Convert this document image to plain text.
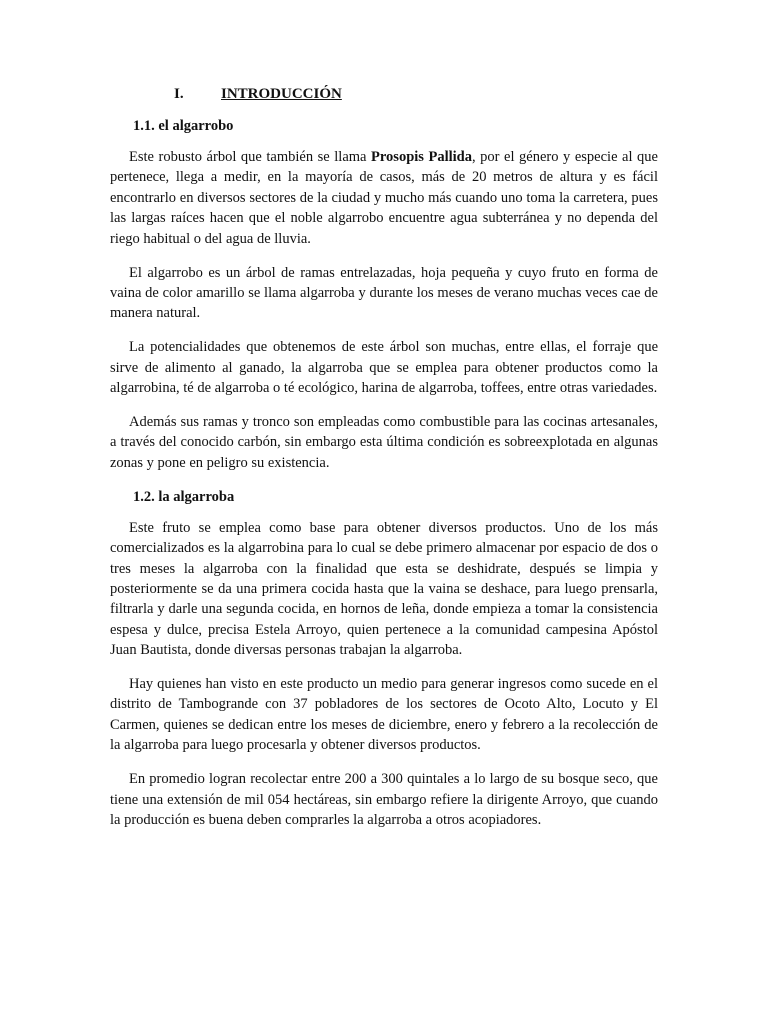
I.	INTRODUCCIÓN
1.1. el algarrobo

Este robusto árbol que también se llama Prosopis Pallida, por el género y especie al que pertenece, llega a medir, en la mayoría de casos, más de 20 metros de altura y es fácil encontrarlo en diversos sectores de la ciudad y mucho más cuando uno toma la carretera, pues las largas raíces hacen que el noble algarrobo encuentre agua subterránea y no dependa del riego habitual o del agua de lluvia.

El algarrobo es un árbol de ramas entrelazadas, hoja pequeña y cuyo fruto en forma de vaina de color amarillo se llama algarroba y durante los meses de verano muchas veces cae de manera natural.

La potencialidades que obtenemos de este árbol son muchas, entre ellas, el forraje que sirve de alimento al ganado, la algarroba que se emplea para obtener productos como la algarrobina, té de algarroba o té ecológico, harina de algarroba, toffees, entre otras variedades.

Además sus ramas y tronco son empleadas como combustible para las cocinas artesanales, a través del conocido carbón, sin embargo esta última condición es sobreexplotada en algunas zonas y pone en peligro su existencia.

1.2. la algarroba

Este fruto se emplea como base para obtener diversos productos. Uno de los más comercializados es la algarrobina para lo cual se debe primero almacenar por espacio de dos o tres meses la algarroba con la finalidad que esta se deshidrate, después se limpia y posteriormente se da una primera cocida hasta que la vaina se deshace, para luego prensarla, filtrarla y darle una segunda cocida, en hornos de leña, donde empieza a tomar la consistencia espesa y dulce, precisa Estela Arroyo, quien pertenece a la comunidad campesina Apóstol Juan Bautista, donde diversas personas trabajan la algarroba.

Hay quienes han visto en este producto un medio para generar ingresos como sucede en el distrito de Tambogrande con 37 pobladores de los sectores de Ocoto Alto, Locuto y El Carmen, quienes se dedican entre los meses de diciembre, enero y febrero a la recolección de la algarroba para luego procesarla y obtener diversos productos.

En promedio logran recolectar entre 200 a 300 quintales a lo largo de su bosque seco, que tiene una extensión de mil 054 hectáreas, sin embargo refiere la dirigente Arroyo, que cuando la producción es buena deben comprarles la algarroba a otros acopiadores.
